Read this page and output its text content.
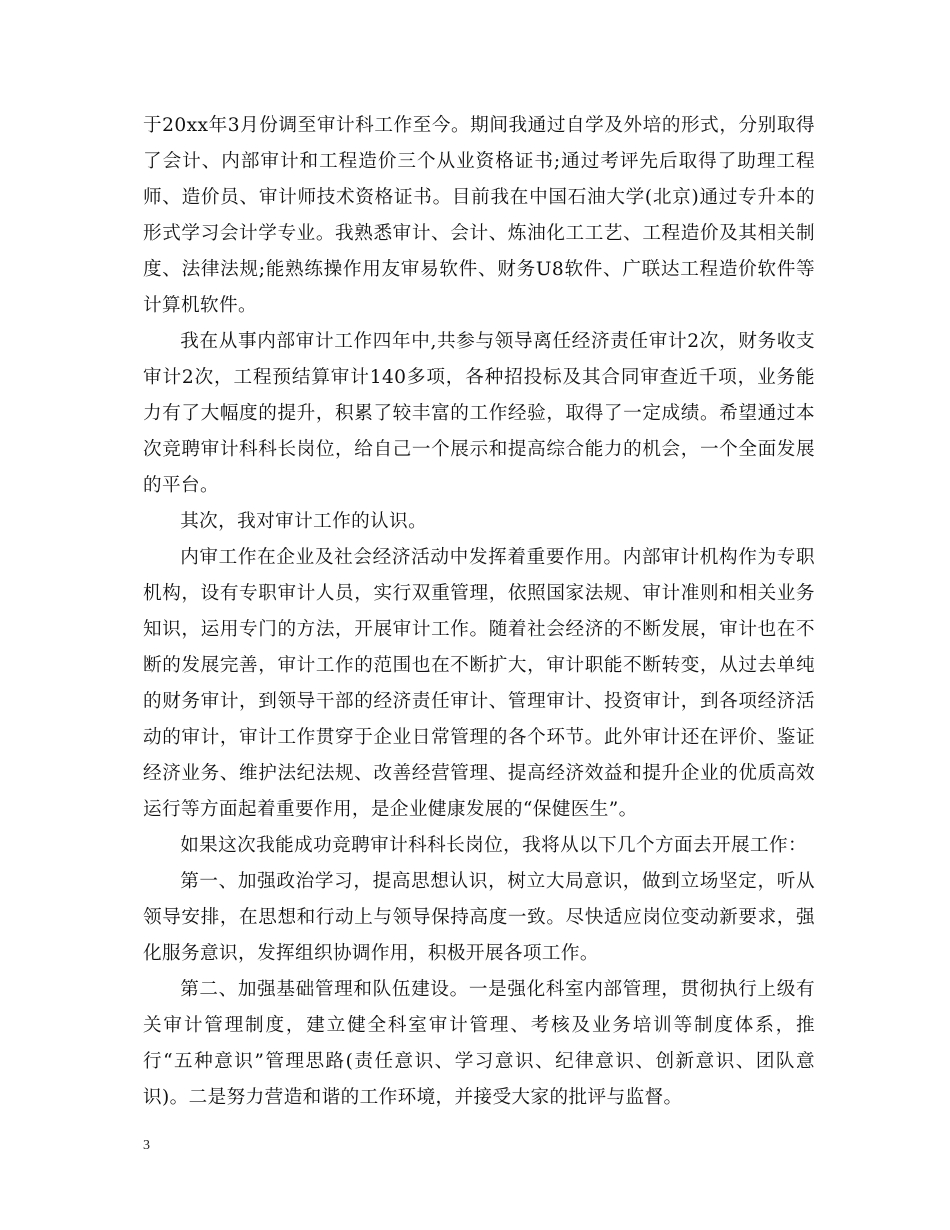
于20xx年3月份调至审计科工作至今。期间我通过自学及外培的形式，分别取得了会计、内部审计和工程造价三个从业资格证书;通过考评先后取得了助理工程师、造价员、审计师技术资格证书。目前我在中国石油大学(北京)通过专升本的形式学习会计学专业。我熟悉审计、会计、炼油化工工艺、工程造价及其相关制度、法律法规;能熟练操作用友审易软件、财务U8软件、广联达工程造价软件等计算机软件。

我在从事内部审计工作四年中,共参与领导离任经济责任审计2次，财务收支审计2次，工程预结算审计140多项，各种招投标及其合同审查近千项，业务能力有了大幅度的提升，积累了较丰富的工作经验，取得了一定成绩。希望通过本次竞聘审计科科长岗位，给自己一个展示和提高综合能力的机会，一个全面发展的平台。

其次，我对审计工作的认识。

内审工作在企业及社会经济活动中发挥着重要作用。内部审计机构作为专职机构，设有专职审计人员，实行双重管理，依照国家法规、审计准则和相关业务知识，运用专门的方法，开展审计工作。随着社会经济的不断发展，审计也在不断的发展完善，审计工作的范围也在不断扩大，审计职能不断转变，从过去单纯的财务审计，到领导干部的经济责任审计、管理审计、投资审计，到各项经济活动的审计，审计工作贯穿于企业日常管理的各个环节。此外审计还在评价、鉴证经济业务、维护法纪法规、改善经营管理、提高经济效益和提升企业的优质高效运行等方面起着重要作用，是企业健康发展的“保健医生”。

如果这次我能成功竞聘审计科科长岗位，我将从以下几个方面去开展工作：

第一、加强政治学习，提高思想认识，树立大局意识，做到立场坚定，听从领导安排，在思想和行动上与领导保持高度一致。尽快适应岗位变动新要求，强化服务意识，发挥组织协调作用，积极开展各项工作。

第二、加强基础管理和队伍建设。一是强化科室内部管理，贯彻执行上级有关审计管理制度，建立健全科室审计管理、考核及业务培训等制度体系，推行“五种意识”管理思路(责任意识、学习意识、纪律意识、创新意识、团队意识)。二是努力营造和谐的工作环境，并接受大家的批评与监督。

3
